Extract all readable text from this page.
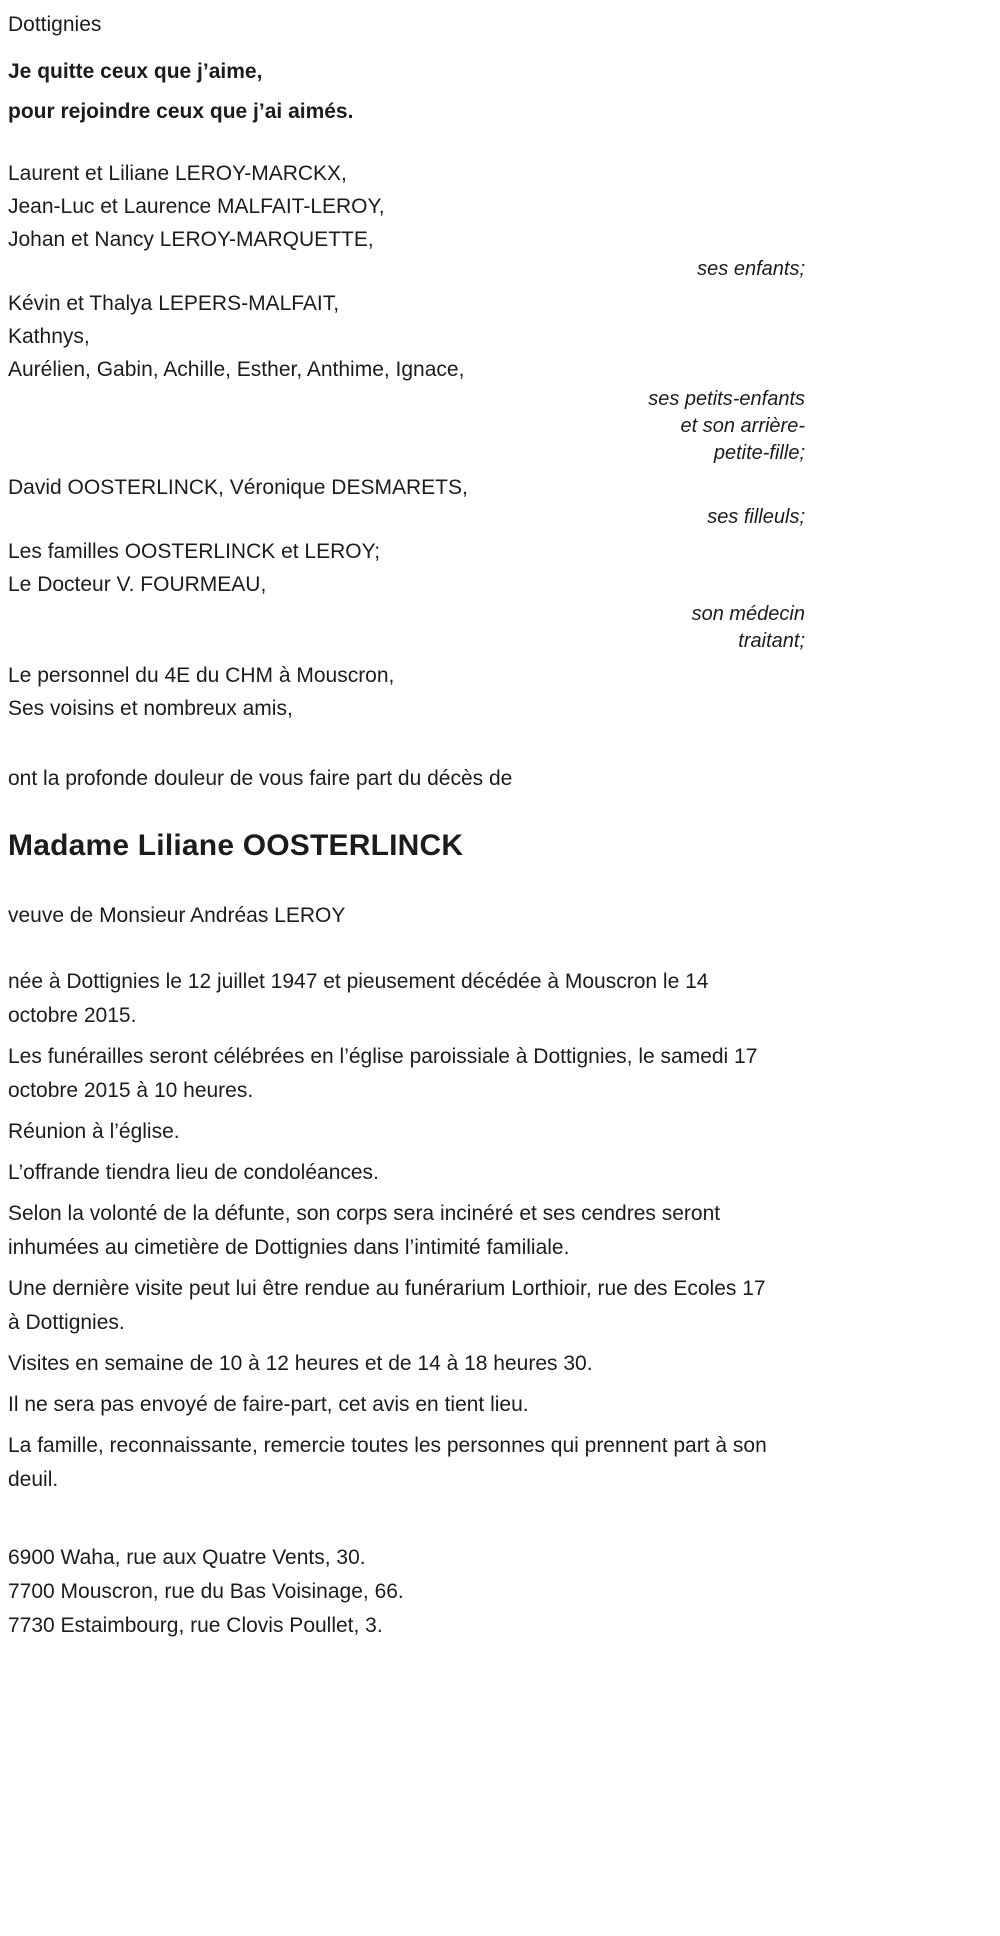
Dottignies
Je quitte ceux que j’aime,
pour rejoindre ceux que j’ai aimés.
Laurent et Liliane LEROY-MARCKX,
Jean-Luc et Laurence MALFAIT-LEROY,
Johan et Nancy LEROY-MARQUETTE,
ses enfants;
Kévin et Thalya LEPERS-MALFAIT,
Kathnys,
Aurélien, Gabin, Achille, Esther, Anthime, Ignace,
ses petits-enfants
et son arrière-
petite-fille;
David OOSTERLINCK, Véronique DESMARETS,
ses filleuls;
Les familles OOSTERLINCK et LEROY;
Le Docteur V. FOURMEAU,
son médecin
traitant;
Le personnel du 4E du CHM à Mouscron,
Ses voisins et nombreux amis,

ont la profonde douleur de vous faire part du décès de

Madame Liliane OOSTERLINCK

veuve de Monsieur Andréas LEROY

née à Dottignies le 12 juillet 1947 et pieusement décédée à Mouscron le 14 octobre 2015.

Les funérailles seront célébrées en l’église paroissiale à Dottignies, le samedi 17 octobre 2015 à 10 heures.

Réunion à l’église.

L’offrande tiendra lieu de condoléances.

Selon la volonté de la défunte, son corps sera incinéré et ses cendres seront inhumées au cimetière de Dottignies dans l’intimité familiale.

Une dernière visite peut lui être rendue au funérarium Lorthioir, rue des Ecoles 17 à Dottignies.

Visites en semaine de 10 à 12 heures et de 14 à 18 heures 30.

Il ne sera pas envoyé de faire-part, cet avis en tient lieu.

La famille, reconnaissante, remercie toutes les personnes qui prennent part à son deuil.

6900 Waha, rue aux Quatre Vents, 30.
7700 Mouscron, rue du Bas Voisinage, 66.
7730 Estaimbourg, rue Clovis Poullet, 3.
